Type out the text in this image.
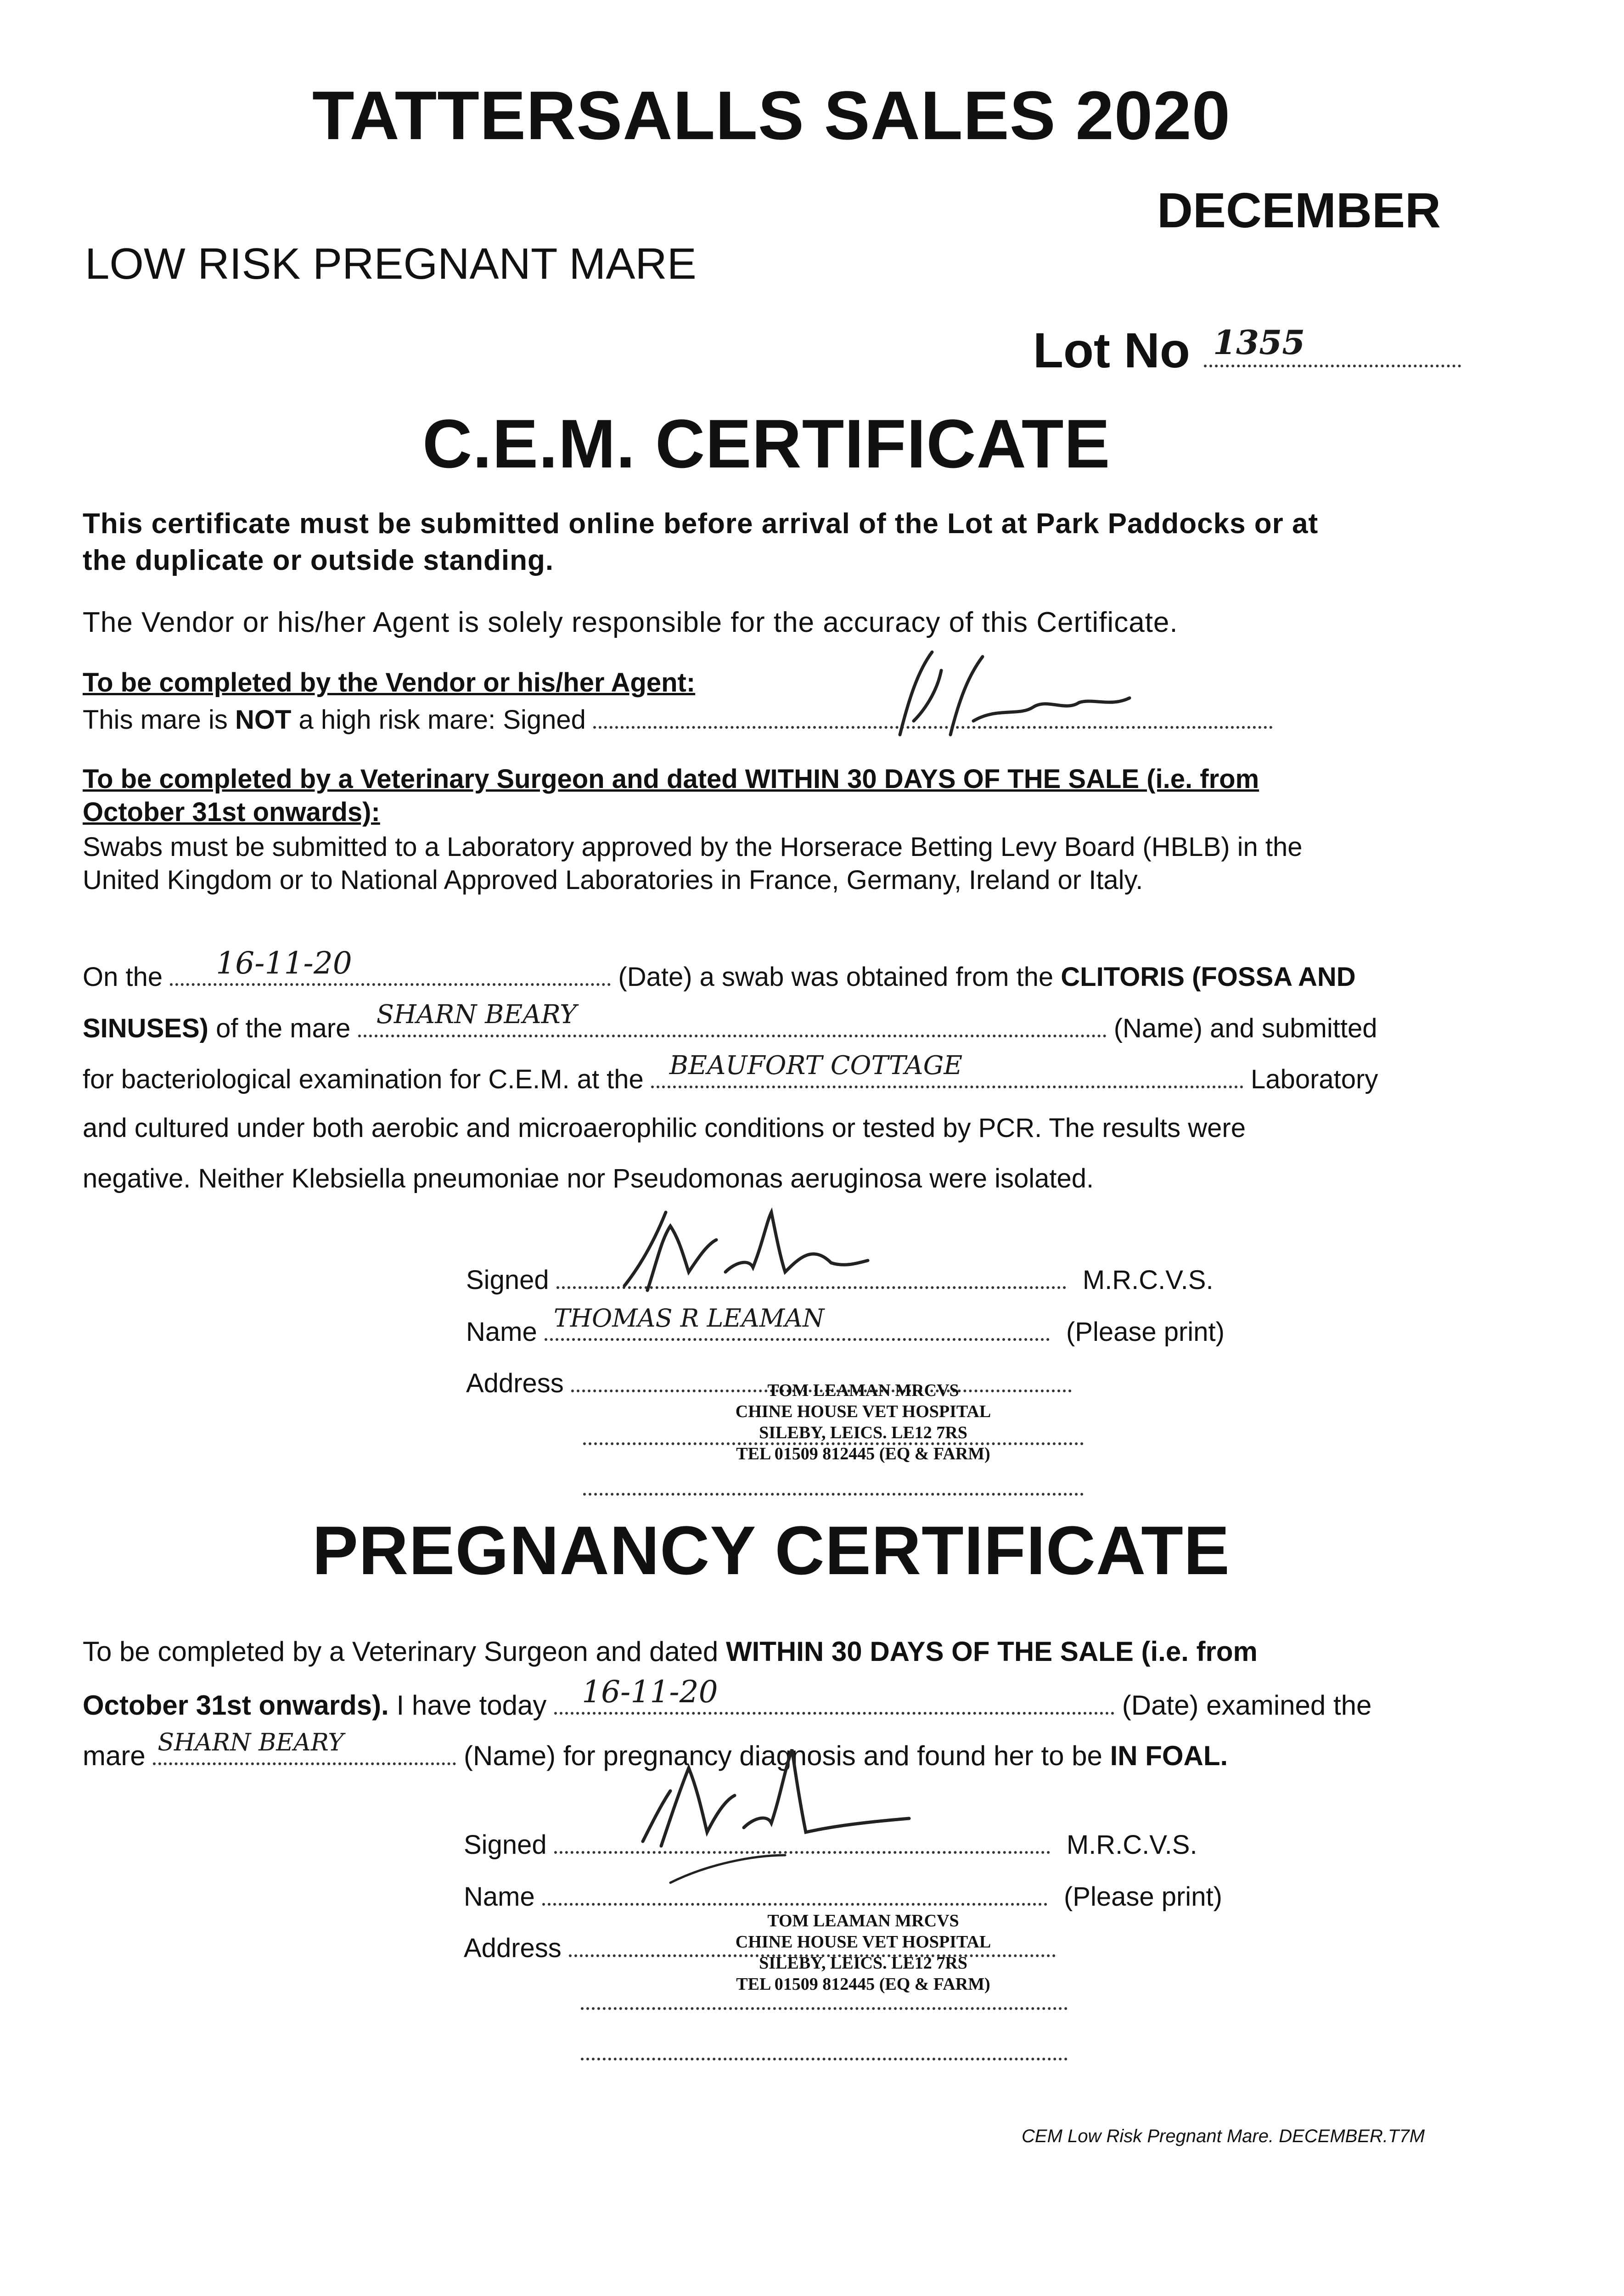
TATTERSALLS SALES 2020
DECEMBER
LOW RISK PREGNANT MARE
Lot No 1355
C.E.M. CERTIFICATE
This certificate must be submitted online before arrival of the Lot at Park Paddocks or at
the duplicate or outside standing.
The Vendor or his/her Agent is solely responsible for the accuracy of this Certificate.
To be completed by the Vendor or his/her Agent:
This mare is NOT a high risk mare: Signed
To be completed by a Veterinary Surgeon and dated WITHIN 30 DAYS OF THE SALE (i.e. from
October 31st onwards):
Swabs must be submitted to a Laboratory approved by the Horserace Betting Levy Board (HBLB) in the
United Kingdom or to National Approved Laboratories in France, Germany, Ireland or Italy.
On the 16-11-20	(Date) a swab was obtained from the CLITORIS (FOSSA AND
SINUSES) of the mare SHARN BEARY	(Name) and submitted
for bacteriological examination for C.E.M. at the BEAUFORT COTTAGE	Laboratory
and cultured under both aerobic and microaerophilic conditions or tested by PCR. The results were
negative. Neither Klebsiella pneumoniae nor Pseudomonas aeruginosa were isolated.
Signed	M.R.C.V.S.
Name THOMAS R LEAMAN	(Please print)
Address	TOM LEAMAN MRCVS
CHINE HOUSE VET HOSPITAL
SILEBY, LEICS. LE12 7RS
TEL 01509 812445 (EQ & FARM)
PREGNANCY CERTIFICATE
To be completed by a Veterinary Surgeon and dated WITHIN 30 DAYS OF THE SALE (i.e. from
October 31st onwards). I have today 16-11-20	(Date) examined the
mare SHARN BEARY	(Name) for pregnancy diagnosis and found her to be IN FOAL.
Signed	M.R.C.V.S.
Name	(Please print)
Address
TOM LEAMAN MRCVS
CHINE HOUSE VET HOSPITAL
SILEBY, LEICS. LE12 7RS
TEL 01509 812445 (EQ & FARM)
CEM Low Risk Pregnant Mare. DECEMBER.T7M
